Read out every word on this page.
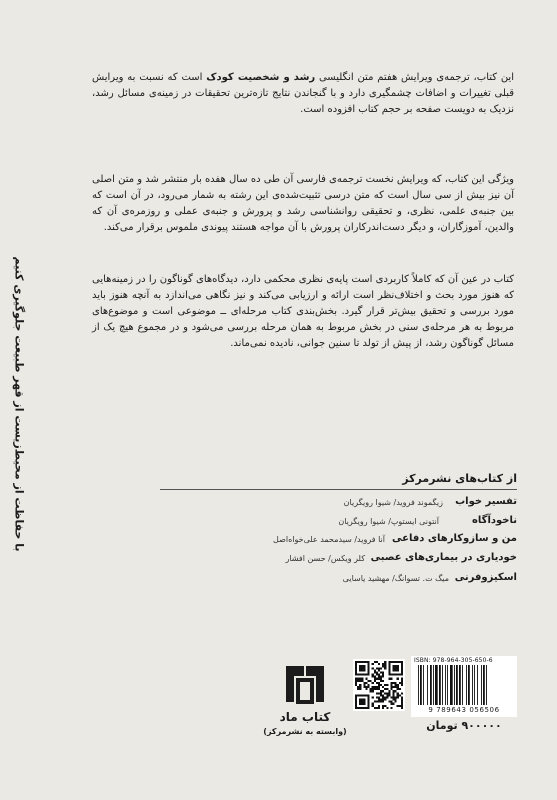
این کتاب، ترجمه‌ی ویرایش هفتم متن انگلیسی رشد و شخصیت کودک است که نسبت به ویرایش قبلی تغییرات و اضافات چشمگیری دارد و با گنجاندن نتایج تازه‌ترین تحقیقات در زمینه‌ی مسائل رشد، نزدیک به دویست صفحه بر حجم کتاب افزوده است.
ویژگی این کتاب، که ویرایش نخست ترجمه‌ی فارسی آن طی ده سال هفده بار منتشر شد و متن اصلی آن نیز بیش از سی سال است که متن درسی تثبیت‌شده‌ی این رشته به شمار می‌رود، در آن است که بین جنبه‌ی علمی، نظری، و تحقیقی روانشناسی رشد و پرورش و جنبه‌ی عملی و روزمره‌ی آن که والدین، آموزگاران، و دیگر دست‌اندرکاران پرورش با آن مواجه هستند پیوندی ملموس برقرار می‌کند.
کتاب در عین آن که کاملاً کاربردی است پایه‌ی نظری محکمی دارد، دیدگاه‌های گوناگون را در زمینه‌هایی که هنوز مورد بحث و اختلاف‌نظر است ارائه و ارزیابی می‌کند و نیز نگاهی می‌اندازد به آنچه هنوز باید مورد بررسی و تحقیق بیش‌تر قرار گیرد. بخش‌بندی کتاب مرحله‌ای ــ موضوعی است و موضوع‌های مربوط به هر مرحله‌ی سنی در بخش مربوط به همان مرحله بررسی می‌شود و در مجموع هیچ یک از مسائل گوناگون رشد، از پیش از تولد تا سنین جوانی، نادیده نمی‌ماند.
با حفاظت از محیط‌زیست از قهر طبیعت جلوگیری کنیم	از کتاب‌های نشرمرکز
تفسیر خواب
زیگموند فروید/ شیوا رویگریان
ناخودآگاه
آنتونی ایستوپ/ شیوا رویگریان
من و سازوکارهای دفاعی
آنا فروید/ سیدمحمد علی‌خواه‌اصل
خودیاری در بیماری‌های عصبی
کلر ویکس/ حسن افشار
اسکیزوفرنی
میگ ت. تسوانگ/ مهشید یاسایی
ISBN: 978-964-305-650-6
9 789643 056506
۹۰۰۰۰۰ تومان
کتاب ماد
(وابسته به نشرمرکز)
